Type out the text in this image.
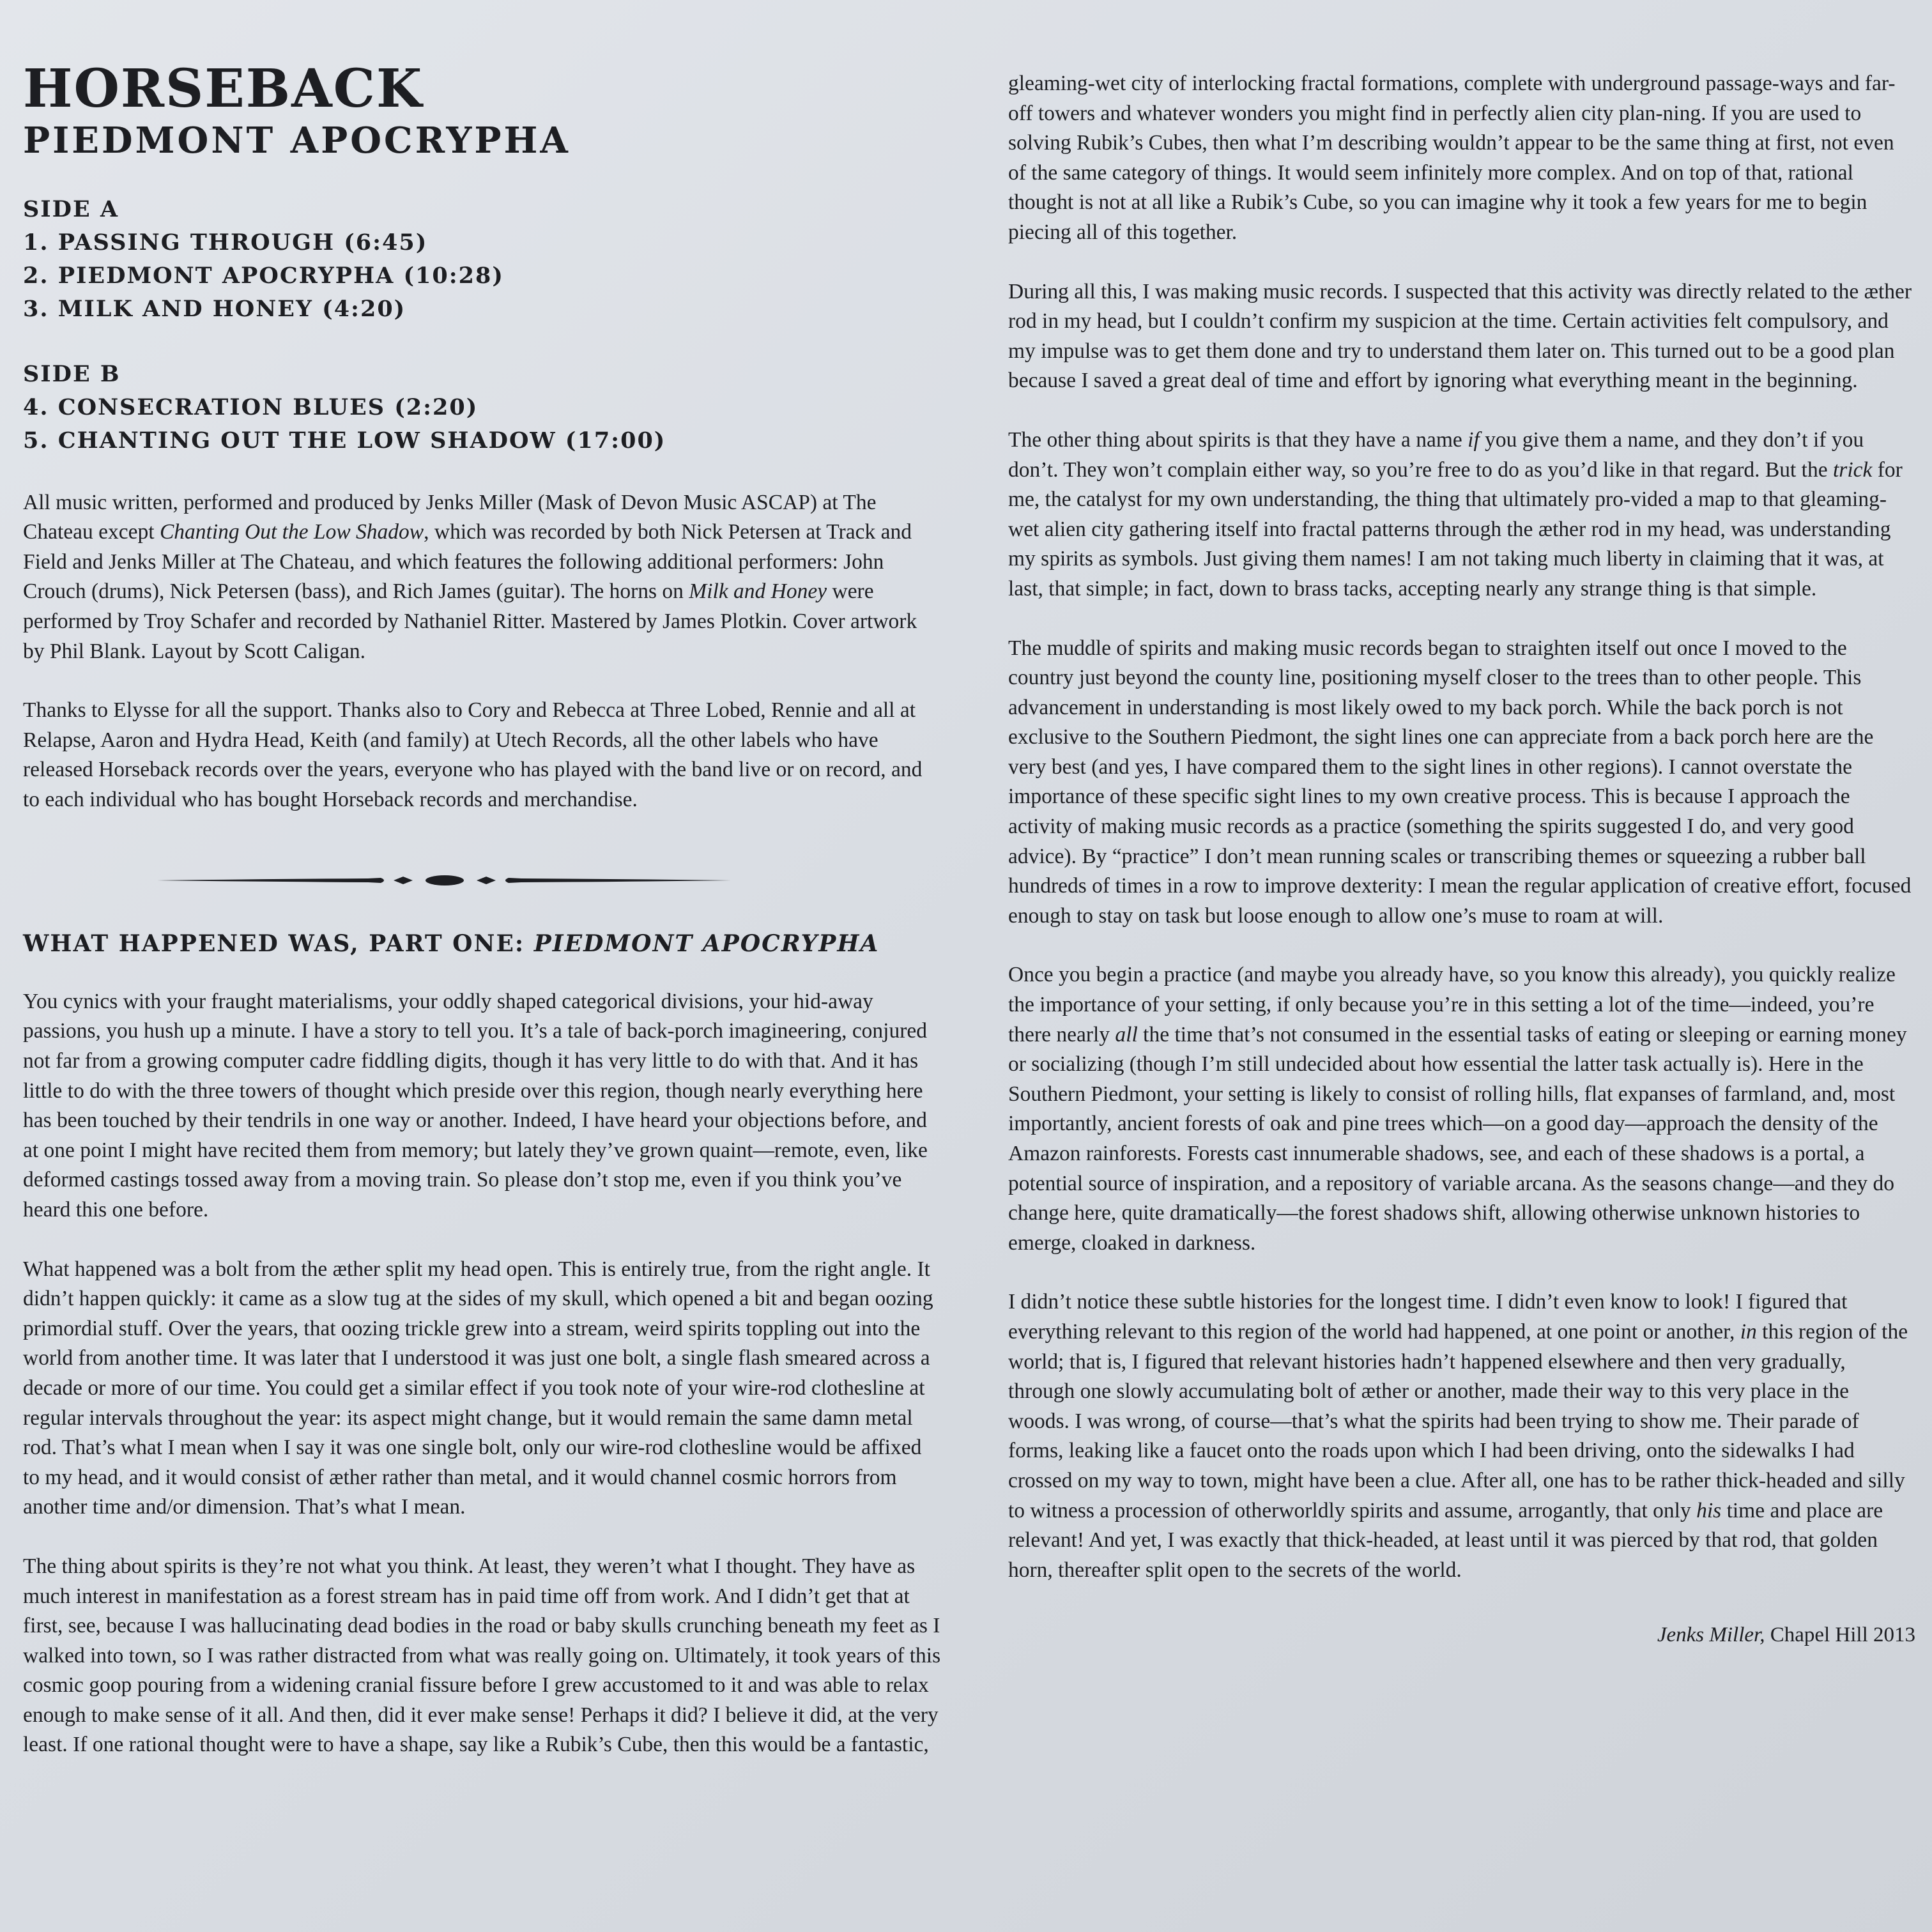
HORSEBACK
PIEDMONT APOCRYPHA
SIDE A
1. PASSING THROUGH (6:45)
2. PIEDMONT APOCRYPHA (10:28)
3. MILK AND HONEY (4:20)
SIDE B
4. CONSECRATION BLUES (2:20)
5. CHANTING OUT THE LOW SHADOW (17:00)

All music written, performed and produced by Jenks Miller (Mask of Devon Music ASCAP) at The Chateau except Chanting Out the Low Shadow, which was recorded by both Nick Petersen at Track and Field and Jenks Miller at The Chateau, and which features the following additional performers: John Crouch (drums), Nick Petersen (bass), and Rich James (guitar). The horns on Milk and Honey were performed by Troy Schafer and recorded by Nathaniel Ritter. Mastered by James Plotkin. Cover artwork by Phil Blank. Layout by Scott Caligan.

Thanks to Elysse for all the support. Thanks also to Cory and Rebecca at Three Lobed, Rennie and all at Relapse, Aaron and Hydra Head, Keith (and family) at Utech Records, all the other labels who have released Horseback records over the years, everyone who has played with the band live or on record, and to each individual who has bought Horseback records and merchandise.

WHAT HAPPENED WAS, PART ONE: PIEDMONT APOCRYPHA

You cynics with your fraught materialisms, your oddly shaped categorical divisions, your hid-away passions, you hush up a minute. I have a story to tell you. It’s a tale of back-porch imagineering, conjured not far from a growing computer cadre fiddling digits, though it has very little to do with that. And it has little to do with the three towers of thought which preside over this region, though nearly everything here has been touched by their tendrils in one way or another. Indeed, I have heard your objections before, and at one point I might have recited them from memory; but lately they’ve grown quaint—remote, even, like deformed castings tossed away from a moving train. So please don’t stop me, even if you think you’ve heard this one before.

What happened was a bolt from the æther split my head open. This is entirely true, from the right angle. It didn’t happen quickly: it came as a slow tug at the sides of my skull, which opened a bit and began oozing primordial stuff. Over the years, that oozing trickle grew into a stream, weird spirits toppling out into the world from another time. It was later that I understood it was just one bolt, a single flash smeared across a decade or more of our time. You could get a similar effect if you took note of your wire-rod clothesline at regular intervals throughout the year: its aspect might change, but it would remain the same damn metal rod. That’s what I mean when I say it was one single bolt, only our wire-rod clothesline would be affixed to my head, and it would consist of æther rather than metal, and it would channel cosmic horrors from another time and/or dimension. That’s what I mean.

The thing about spirits is they’re not what you think. At least, they weren’t what I thought. They have as much interest in manifestation as a forest stream has in paid time off from work. And I didn’t get that at first, see, because I was hallucinating dead bodies in the road or baby skulls crunching beneath my feet as I walked into town, so I was rather distracted from what was really going on. Ultimately, it took years of this cosmic goop pouring from a widening cranial fissure before I grew accustomed to it and was able to relax enough to make sense of it all. And then, did it ever make sense! Perhaps it did? I believe it did, at the very least. If one rational thought were to have a shape, say like a Rubik’s Cube, then this would be a fantastic,

gleaming-wet city of interlocking fractal formations, complete with underground passage-ways and far-off towers and whatever wonders you might find in perfectly alien city plan-ning. If you are used to solving Rubik’s Cubes, then what I’m describing wouldn’t appear to be the same thing at first, not even of the same category of things. It would seem infinitely more complex. And on top of that, rational thought is not at all like a Rubik’s Cube, so you can imagine why it took a few years for me to begin piecing all of this together.

During all this, I was making music records. I suspected that this activity was directly related to the æther rod in my head, but I couldn’t confirm my suspicion at the time. Certain activities felt compulsory, and my impulse was to get them done and try to understand them later on. This turned out to be a good plan because I saved a great deal of time and effort by ignoring what everything meant in the beginning.

The other thing about spirits is that they have a name if you give them a name, and they don’t if you don’t. They won’t complain either way, so you’re free to do as you’d like in that regard. But the trick for me, the catalyst for my own understanding, the thing that ultimately pro-vided a map to that gleaming-wet alien city gathering itself into fractal patterns through the æther rod in my head, was understanding my spirits as symbols. Just giving them names! I am not taking much liberty in claiming that it was, at last, that simple; in fact, down to brass tacks, accepting nearly any strange thing is that simple.

The muddle of spirits and making music records began to straighten itself out once I moved to the country just beyond the county line, positioning myself closer to the trees than to other people. This advancement in understanding is most likely owed to my back porch. While the back porch is not exclusive to the Southern Piedmont, the sight lines one can appreciate from a back porch here are the very best (and yes, I have compared them to the sight lines in other regions). I cannot overstate the importance of these specific sight lines to my own creative process. This is because I approach the activity of making music records as a practice (something the spirits suggested I do, and very good advice). By “practice” I don’t mean running scales or transcribing themes or squeezing a rubber ball hundreds of times in a row to improve dexterity: I mean the regular application of creative effort, focused enough to stay on task but loose enough to allow one’s muse to roam at will.

Once you begin a practice (and maybe you already have, so you know this already), you quickly realize the importance of your setting, if only because you’re in this setting a lot of the time—indeed, you’re there nearly all the time that’s not consumed in the essential tasks of eating or sleeping or earning money or socializing (though I’m still undecided about how essential the latter task actually is). Here in the Southern Piedmont, your setting is likely to consist of rolling hills, flat expanses of farmland, and, most importantly, ancient forests of oak and pine trees which—on a good day—approach the density of the Amazon rainforests. Forests cast innumerable shadows, see, and each of these shadows is a portal, a potential source of inspiration, and a repository of variable arcana. As the seasons change—and they do change here, quite dramatically—the forest shadows shift, allowing otherwise unknown histories to emerge, cloaked in darkness.

I didn’t notice these subtle histories for the longest time. I didn’t even know to look! I figured that everything relevant to this region of the world had happened, at one point or another, in this region of the world; that is, I figured that relevant histories hadn’t happened elsewhere and then very gradually, through one slowly accumulating bolt of æther or another, made their way to this very place in the woods. I was wrong, of course—that’s what the spirits had been trying to show me. Their parade of forms, leaking like a faucet onto the roads upon which I had been driving, onto the sidewalks I had crossed on my way to town, might have been a clue. After all, one has to be rather thick-headed and silly to witness a procession of otherworldly spirits and assume, arrogantly, that only his time and place are relevant! And yet, I was exactly that thick-headed, at least until it was pierced by that rod, that golden horn, thereafter split open to the secrets of the world.

Jenks Miller, Chapel Hill 2013
